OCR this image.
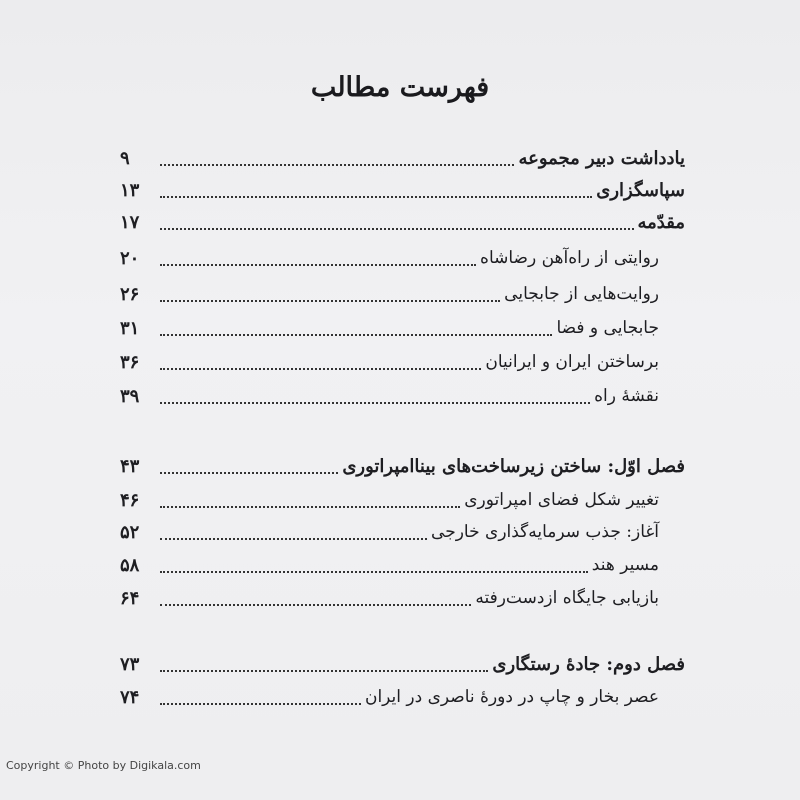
فهرست مطالب
یادداشت دبیر مجموعه
۹
سپاسگزاری
۱۳
مقدّمه
۱۷
روایتی از راه‌آهن رضاشاه
۲۰
روایت‌هایی از جابجایی
۲۶
جابجایی و فضا
۳۱
برساختن ایران و ایرانیان
۳۶
نقشهٔ راه
۳۹
فصل اوّل: ساختن زیرساخت‌های بیناامپراتوری
۴۳
تغییر شکل فضای امپراتوری
۴۶
آغاز: جذب سرمایه‌گذاری خارجی
۵۲
مسیر هند
۵۸
بازیابی جایگاه ازدست‌رفته
۶۴
فصل دوم: جادهٔ رستگاری
۷۳
عصر بخار و چاپ در دورهٔ ناصری در ایران
۷۴
Copyright © Photo by Digikala.com
